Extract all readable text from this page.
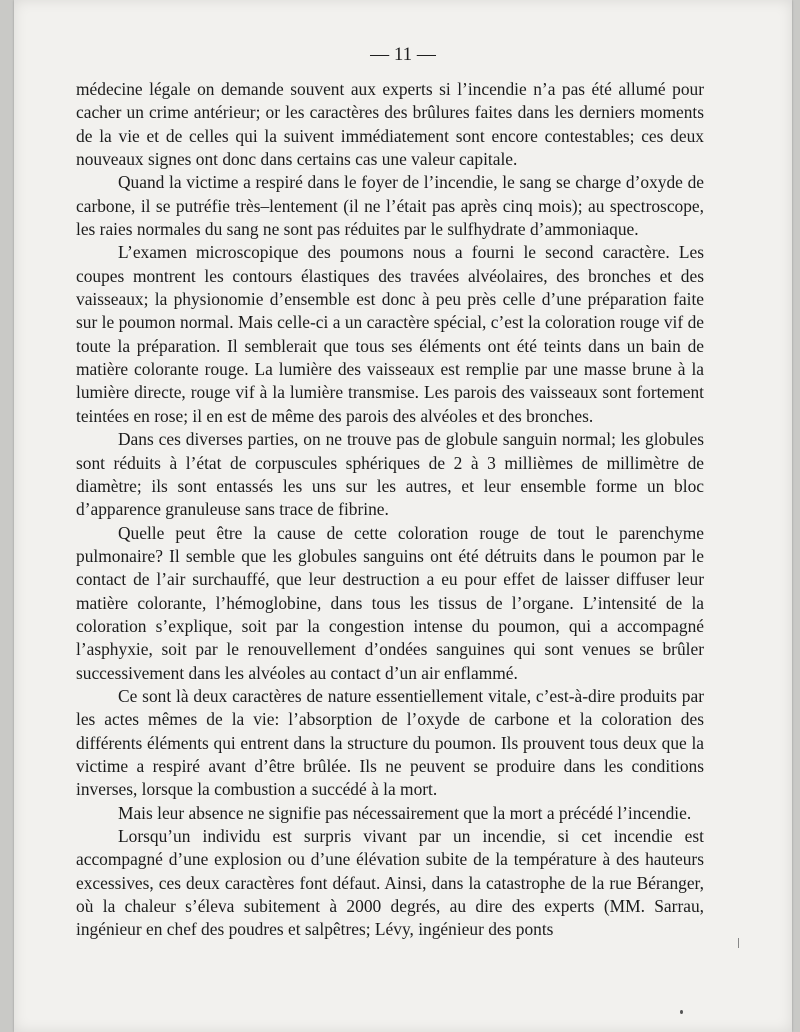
— 11 —

médecine légale on demande souvent aux experts si l’incendie n’a pas été allumé pour cacher un crime antérieur; or les caractères des brûlures faites dans les derniers moments de la vie et de celles qui la suivent immédiatement sont encore contestables; ces deux nouveaux signes ont donc dans certains cas une valeur capitale.

Quand la victime a respiré dans le foyer de l’incendie, le sang se charge d’oxyde de carbone, il se putréfie très–lentement (il ne l’était pas après cinq mois); au spectroscope, les raies normales du sang ne sont pas réduites par le sulfhydrate d’ammoniaque.

L’examen microscopique des poumons nous a fourni le second caractère. Les coupes montrent les contours élastiques des travées alvéolaires, des bronches et des vaisseaux; la physionomie d’ensemble est donc à peu près celle d’une préparation faite sur le poumon normal. Mais celle-ci a un caractère spécial, c’est la coloration rouge vif de toute la préparation. Il semblerait que tous ses éléments ont été teints dans un bain de matière colorante rouge. La lumière des vaisseaux est remplie par une masse brune à la lumière directe, rouge vif à la lumière transmise. Les parois des vaisseaux sont fortement teintées en rose; il en est de même des parois des alvéoles et des bronches.

Dans ces diverses parties, on ne trouve pas de globule sanguin normal; les globules sont réduits à l’état de corpuscules sphériques de 2 à 3 millièmes de millimètre de diamètre; ils sont entassés les uns sur les autres, et leur ensemble forme un bloc d’apparence granuleuse sans trace de fibrine.

Quelle peut être la cause de cette coloration rouge de tout le parenchyme pulmonaire? Il semble que les globules sanguins ont été détruits dans le poumon par le contact de l’air surchauffé, que leur destruction a eu pour effet de laisser diffuser leur matière colorante, l’hémoglobine, dans tous les tissus de l’organe. L’intensité de la coloration s’explique, soit par la congestion intense du poumon, qui a accompagné l’asphyxie, soit par le renouvellement d’ondées sanguines qui sont venues se brûler successivement dans les alvéoles au contact d’un air enflammé.

Ce sont là deux caractères de nature essentiellement vitale, c’est-à-dire produits par les actes mêmes de la vie: l’absorption de l’oxyde de carbone et la coloration des différents éléments qui entrent dans la structure du poumon. Ils prouvent tous deux que la victime a respiré avant d’être brûlée. Ils ne peuvent se produire dans les conditions inverses, lorsque la combustion a succédé à la mort.

Mais leur absence ne signifie pas nécessairement que la mort a précédé l’incendie.

Lorsqu’un individu est surpris vivant par un incendie, si cet incendie est accompagné d’une explosion ou d’une élévation subite de la température à des hauteurs excessives, ces deux caractères font défaut. Ainsi, dans la catastrophe de la rue Béranger, où la chaleur s’éleva subitement à 2000 degrés, au dire des experts (MM. Sarrau, ingénieur en chef des poudres et salpêtres; Lévy, ingénieur des ponts
